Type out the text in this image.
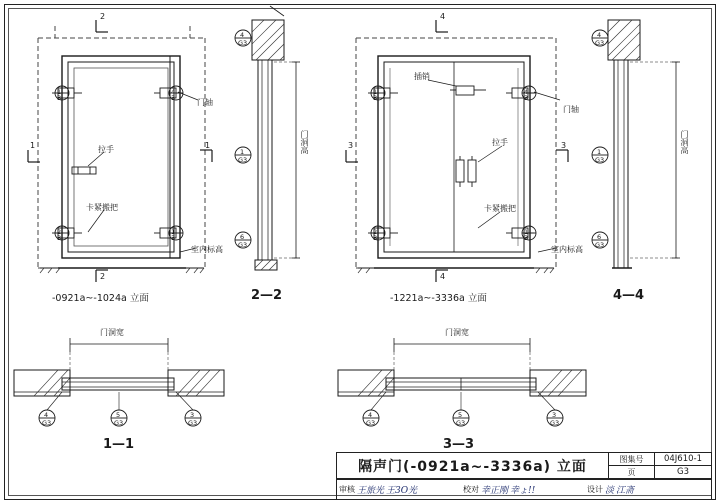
2
2
1	1
门轴
拉手
卡紧搬把
室内标高
1
3
2
3
4
3
1
3
-0921a~-1024a 立面
门洞高
4
G3
1
G3
6
G3
2—2
4
4
3	3
插销
门轴
拉手
卡紧搬把
室内标高
1
3
2
3
4
3
1
3
-1221a~-3336a 立面
门洞高
4
G3
1
G3
6
G3
4—4
门洞宽
4
G3
5
G3
3
G3
1—1
门洞宽
4
G3
5
G3
3
G3
3—3
隔声门(-0921a~-3336a) 立面	图集号	04J610-1
页	G3
审核 王旅光 王3O光	校对 幸正刚 幸ょ!!	设计 淡 江斋
